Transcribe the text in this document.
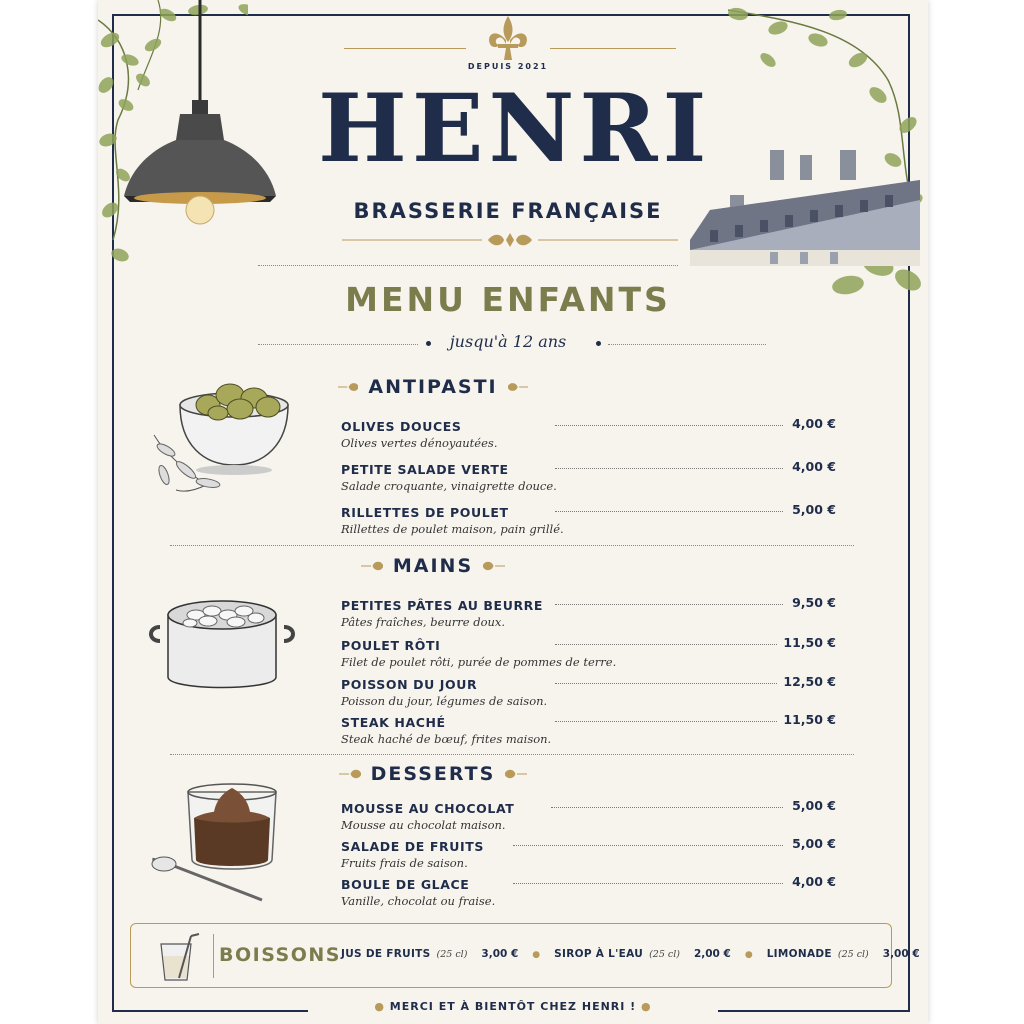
DEPUIS 2021
HENRI
BRASSERIE FRANÇAISE
MENU ENFANTS
jusqu'à 12 ans
ANTIPASTI
OLIVES DOUCES
Olives vertes dénoyautées.
4,00 €
PETITE SALADE VERTE
Salade croquante, vinaigrette douce.
4,00 €
RILLETTES DE POULET
Rillettes de poulet maison, pain grillé.
5,00 €
MAINS
PETITES PÂTES AU BEURRE
Pâtes fraîches, beurre doux.
9,50 €
POULET RÔTI
Filet de poulet rôti, purée de pommes de terre.
11,50 €
POISSON DU JOUR
Poisson du jour, légumes de saison.
12,50 €
STEAK HACHÉ
Steak haché de bœuf, frites maison.
11,50 €
DESSERTS
MOUSSE AU CHOCOLAT
Mousse au chocolat maison.
5,00 €
SALADE DE FRUITS
Fruits frais de saison.
5,00 €
BOULE DE GLACE
Vanille, chocolat ou fraise.
4,00 €
BOISSONS JUS DE FRUITS (25 cl) 3,00 € ● SIROP À L'EAU (25 cl) 2,00 € ● LIMONADE (25 cl) 3,00 €
● MERCI ET À BIENTÔT CHEZ HENRI ! ●
